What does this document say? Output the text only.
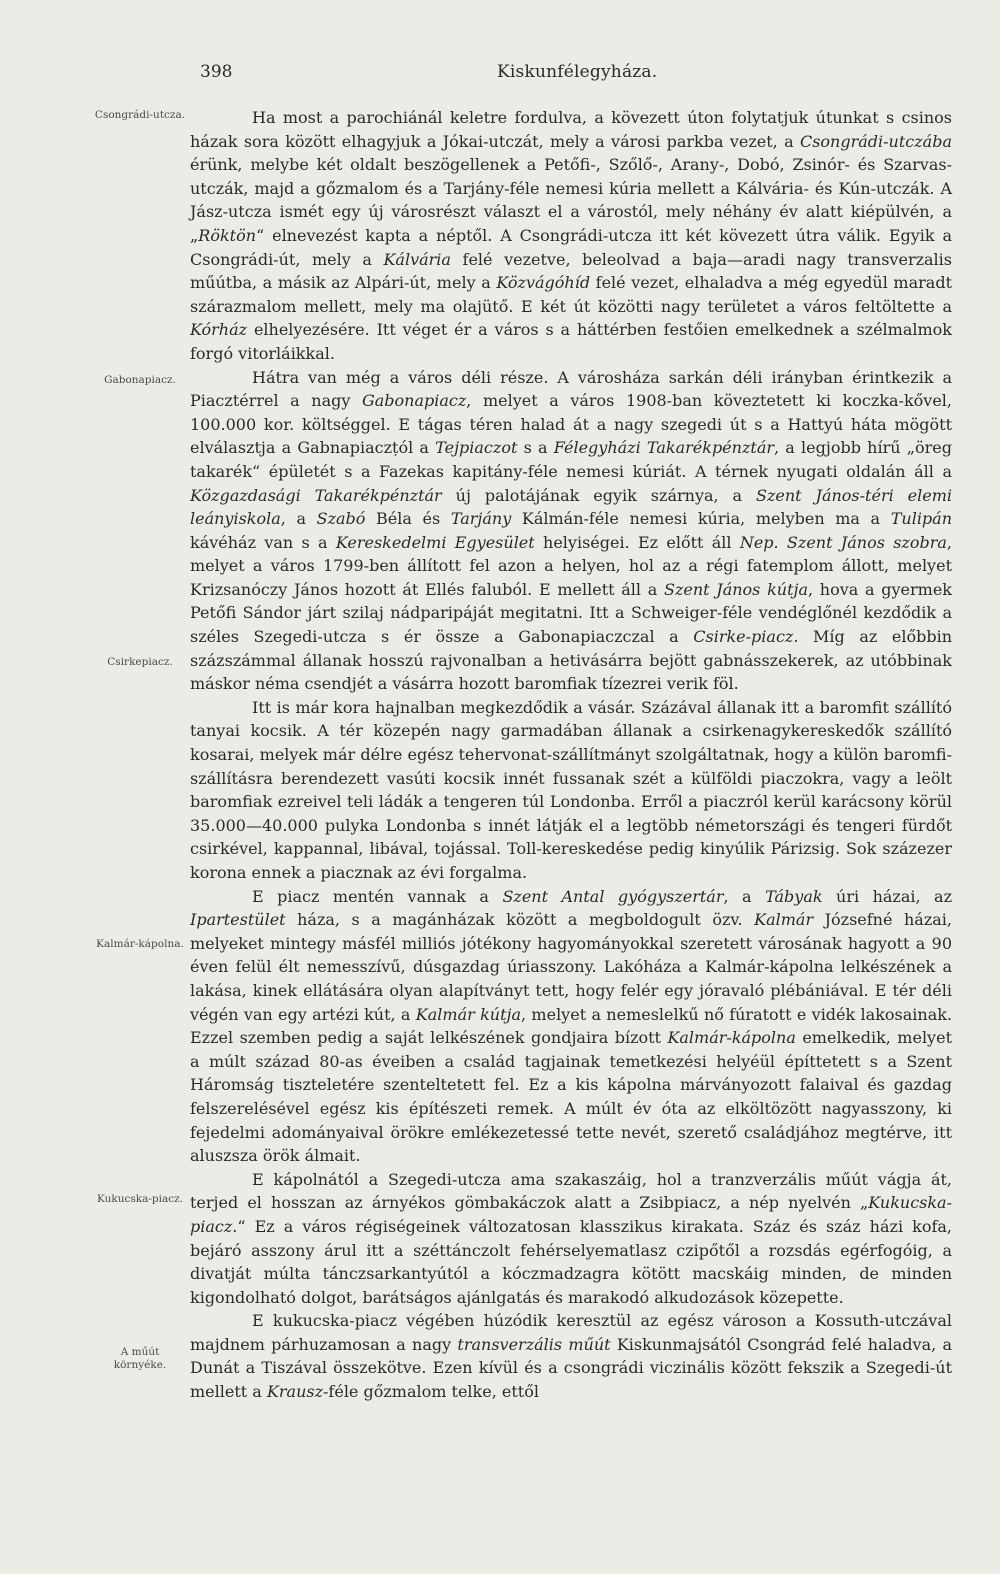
398	Kiskunfélegyháza.
Csongrádi-utcza.
Gabonapiacz.
Csirkepiacz.
Kalmár-kápolna.
Kukucska-piacz.
A műút környéke.

Ha most a parochiánál keletre fordulva, a kövezett úton folytatjuk útunkat s csinos házak sora között elhagyjuk a Jókai-utczát, mely a városi parkba vezet, a Csongrádi-utczába érünk, melybe két oldalt beszögellenek a Petőfi-, Szőlő-, Arany-, Dobó, Zsinór- és Szarvas-utczák, majd a gőzmalom és a Tarjány-féle nemesi kúria mellett a Kálvária- és Kún-utczák. A Jász-utcza ismét egy új városrészt választ el a várostól, mely néhány év alatt kiépülvén, a „Röktön“ elnevezést kapta a néptől. A Csongrádi-utcza itt két kövezett útra válik. Egyik a Csongrádi-út, mely a Kálvária felé vezetve, beleolvad a baja—aradi nagy transverzalis műútba, a másik az Alpári-út, mely a Közvágóhíd felé vezet, elhaladva a még egyedül maradt szárazmalom mellett, mely ma olajütő. E két út közötti nagy területet a város feltöltette a Kórház elhelyezésére. Itt véget ér a város s a háttérben festőien emelkednek a szélmalmok forgó vitorláikkal.

Hátra van még a város déli része. A városháza sarkán déli irányban érintkezik a Piacztérrel a nagy Gabonapiacz, melyet a város 1908-ban köveztetett ki koczka-kővel, 100.000 kor. költséggel. E tágas téren halad át a nagy szegedi út s a Hattyú háta mögött elválasztja a Gabnapiaczțól a Tejpiaczot s a Félegyházi Takarékpénztár, a legjobb hírű „öreg takarék“ épületét s a Fazekas kapitány-féle nemesi kúriát. A térnek nyugati oldalán áll a Közgazdasági Takarékpénztár új palotájának egyik szárnya, a Szent János-téri elemi leányiskola, a Szabó Béla és Tarjány Kálmán-féle nemesi kúria, melyben ma a Tulipán kávéház van s a Kereskedelmi Egyesület helyiségei. Ez előtt áll Nep. Szent János szobra, melyet a város 1799-ben állított fel azon a helyen, hol az a régi fatemplom állott, melyet Krizsanóczy János hozott át Ellés faluból. E mellett áll a Szent János kútja, hova a gyermek Petőfi Sándor járt szilaj nádparipáját megitatni. Itt a Schweiger-féle vendéglőnél kezdődik a széles Szegedi-utcza s ér össze a Gabonapiaczczal a Csirke-piacz. Míg az előbbin százszámmal állanak hosszú rajvonalban a hetivásárra bejött gabnásszekerek, az utóbbinak máskor néma csendjét a vásárra hozott baromfiak tízezrei verik föl.

Itt is már kora hajnalban megkezdődik a vásár. Százával állanak itt a baromfit szállító tanyai kocsik. A tér közepén nagy garmadában állanak a csirkenagykereskedők szállító kosarai, melyek már délre egész tehervonat-szállítmányt szolgáltatnak, hogy a külön baromfi-szállításra berendezett vasúti kocsik innét fussanak szét a külföldi piaczokra, vagy a leölt baromfiak ezreivel teli ládák a tengeren túl Londonba. Erről a piaczról kerül karácsony körül 35.000—40.000 pulyka Londonba s innét látják el a legtöbb németországi és tengeri fürdőt csirkével, kappannal, libával, tojással. Toll-kereskedése pedig kinyúlik Párizsig. Sok százezer korona ennek a piacznak az évi forgalma.

E piacz mentén vannak a Szent Antal gyógyszertár, a Tábyak úri házai, az Ipartestület háza, s a magánházak között a megboldogult özv. Kalmár Józsefné házai, melyeket mintegy másfél milliós jótékony hagyományokkal szeretett városának hagyott a 90 éven felül élt nemesszívű, dúsgazdag úriasszony. Lakóháza a Kalmár-kápolna lelkészének a lakása, kinek ellátására olyan alapítványt tett, hogy felér egy jóravaló plébániával. E tér déli végén van egy artézi kút, a Kalmár kútja, melyet a nemeslelkű nő fúratott e vidék lakosainak. Ezzel szemben pedig a saját lelkészének gondjaira bízott Kalmár-kápolna emelkedik, melyet a múlt század 80-as éveiben a család tagjainak temetkezési helyéül építtetett s a Szent Háromság tiszteletére szenteltetett fel. Ez a kis kápolna márványozott falaival és gazdag felszerelésével egész kis építészeti remek. A múlt év óta az elköltözött nagyasszony, ki fejedelmi adományaival örökre emlékezetessé tette nevét, szerető családjához megtérve, itt aluszsza örök álmait.

E kápolnától a Szegedi-utcza ama szakaszáig, hol a tranzverzális műút vágja át, terjed el hosszan az árnyékos gömbakáczok alatt a Zsibpiacz, a nép nyelvén „Kukucska-piacz.“ Ez a város régiségeinek változatosan klasszikus kirakata. Száz és száz házi kofa, bejáró asszony árul itt a széttánczolt fehérselyematlasz czipőtől a rozsdás egérfogóig, a divatját múlta tánczsarkantyútól a kóczmadzagra kötött macskáig minden, de minden kigondolható dolgot, barátságos ajánlgatás és marakodó alkudozások közepette.

E kukucska-piacz végében húzódik keresztül az egész városon a Kossuth-utczával majdnem párhuzamosan a nagy transverzális műút Kiskunmajsától Csongrád felé haladva, a Dunát a Tiszával összekötve. Ezen kívül és a csongrádi viczinális között fekszik a Szegedi-út mellett a Krausz-féle gőzmalom telke, ettől
